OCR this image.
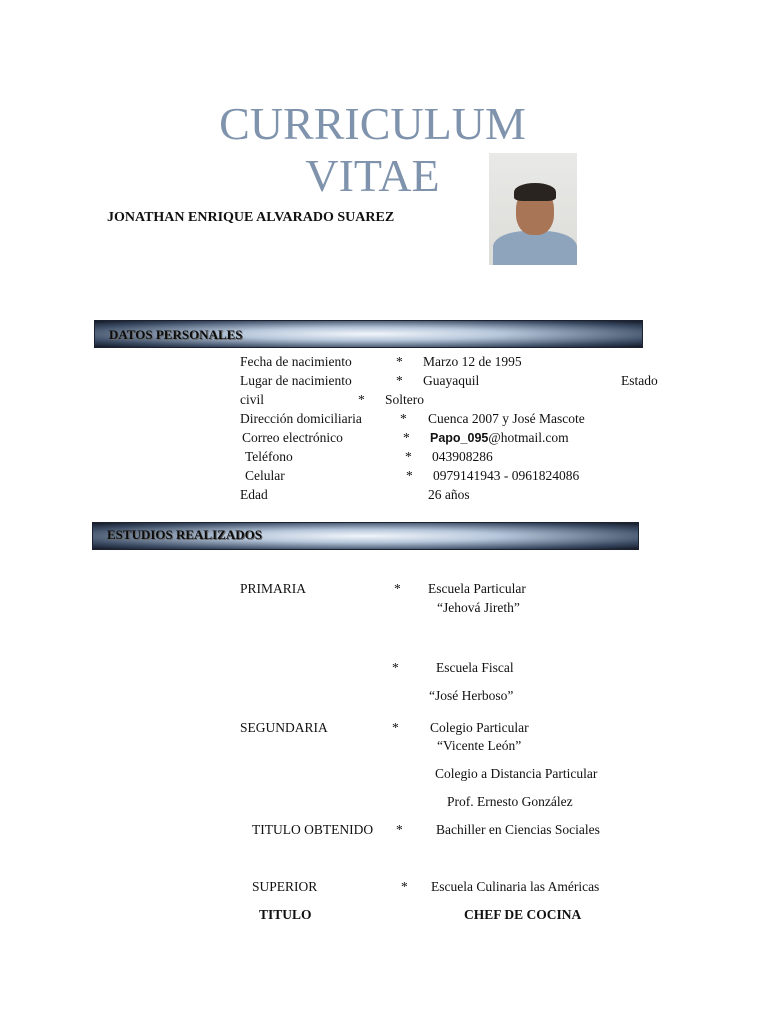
CURRICULUM
VITAE
JONATHAN ENRIQUE ALVARADO SUAREZ
DATOS PERSONALES
Fecha de nacimiento	* Marzo 12 de 1995
Lugar de nacimiento	* Guayaquil	Estado
civil	* Soltero
Dirección domiciliaria	* Cuenca 2007 y José Mascote
Correo electrónico	* Papo_095@hotmail.com
Teléfono	* 043908286
Celular	* 0979141943 - 0961824086
Edad	26 años
ESTUDIOS REALIZADOS
PRIMARIA	* Escuela Particular
“Jehová Jireth”
*	Escuela Fiscal
“José Herboso”
SEGUNDARIA	* Colegio Particular
“Vicente León”
Colegio a Distancia Particular
Prof. Ernesto González
TITULO OBTENIDO * Bachiller en Ciencias Sociales
SUPERIOR	* Escuela Culinaria las Américas
TITULO	CHEF DE COCINA
